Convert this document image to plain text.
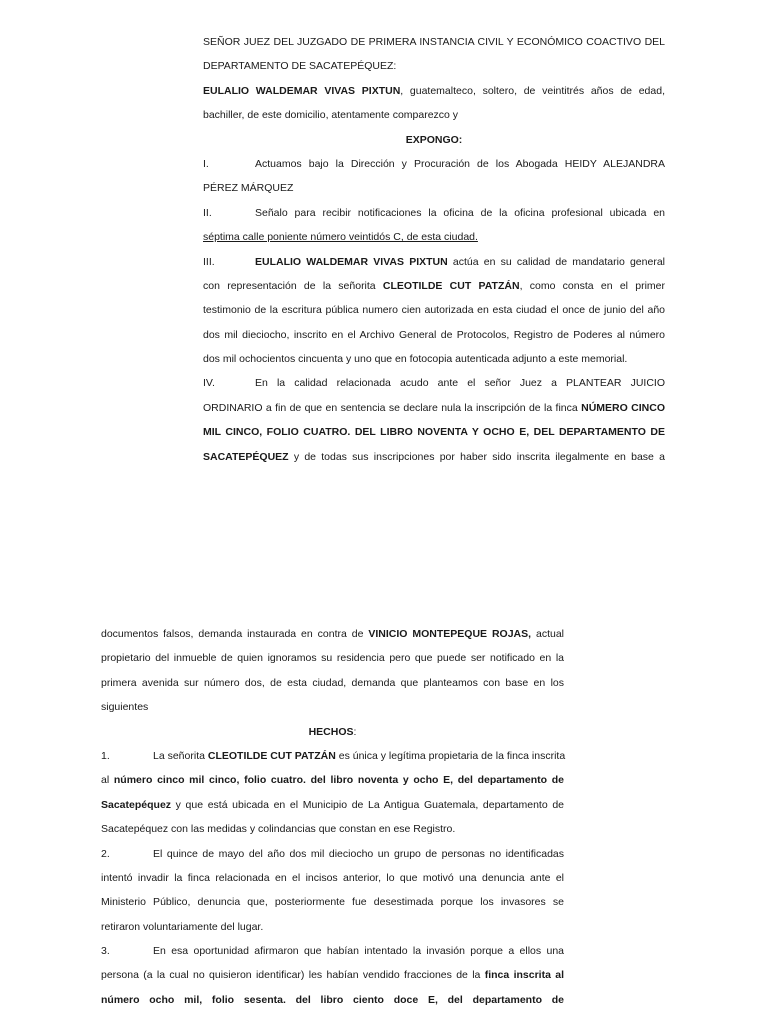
SEÑOR JUEZ DEL JUZGADO DE PRIMERA INSTANCIA CIVIL Y ECONÓMICO COACTIVO DEL
DEPARTAMENTO DE SACATEPÉQUEZ:
EULALIO WALDEMAR VIVAS PIXTUN, guatemalteco, soltero, de veintitrés años de edad,
bachiller, de este domicilio, atentamente comparezco y
EXPONGO:
I.	Actuamos bajo la Dirección y Procuración de los Abogada HEIDY ALEJANDRA
PÉREZ MÁRQUEZ
II.	Señalo para recibir notificaciones la oficina de la oficina profesional ubicada en
séptima calle poniente número veintidós C, de esta ciudad.
III.	EULALIO WALDEMAR VIVAS PIXTUN actúa en su calidad de mandatario general
con representación de la señorita CLEOTILDE CUT PATZÁN, como consta en el primer
testimonio de la escritura pública numero cien autorizada en esta ciudad el once de junio del año
dos mil dieciocho, inscrito en el Archivo General de Protocolos, Registro de Poderes al número
dos mil ochocientos cincuenta y uno que en fotocopia autenticada adjunto a este memorial.
IV.	En la calidad relacionada acudo ante el señor Juez a PLANTEAR JUICIO
ORDINARIO a fin de que en sentencia se declare nula la inscripción de la finca NÚMERO CINCO
MIL CINCO, FOLIO CUATRO. DEL LIBRO NOVENTA Y OCHO E, DEL DEPARTAMENTO DE
SACATEPÉQUEZ y de todas sus inscripciones por haber sido inscrita ilegalmente en base a
documentos falsos, demanda instaurada en contra de VINICIO MONTEPEQUE ROJAS, actual
propietario del inmueble de quien ignoramos su residencia pero que puede ser notificado en la
primera avenida sur número dos, de esta ciudad, demanda que planteamos con base en los
siguientes
HECHOS:
1.	La señorita CLEOTILDE CUT PATZÁN es única y legítima propietaria de la finca inscrita
al número cinco mil cinco, folio cuatro. del libro noventa y ocho E, del departamento de
Sacatepéquez y que está ubicada en el Municipio de La Antigua Guatemala, departamento de
Sacatepéquez con las medidas y colindancias que constan en ese Registro.
2.	El quince de mayo del año dos mil dieciocho un grupo de personas no identificadas
intentó invadir la finca relacionada en el incisos anterior, lo que motivó una denuncia ante el
Ministerio Público, denuncia que, posteriormente fue desestimada porque los invasores se
retiraron voluntariamente del lugar.
3.	En esa oportunidad afirmaron que habían intentado la invasión porque a ellos una
persona (a la cual no quisieron identificar) les habían vendido fracciones de la finca inscrita al
número ocho mil, folio sesenta. del libro ciento doce E, del departamento de
